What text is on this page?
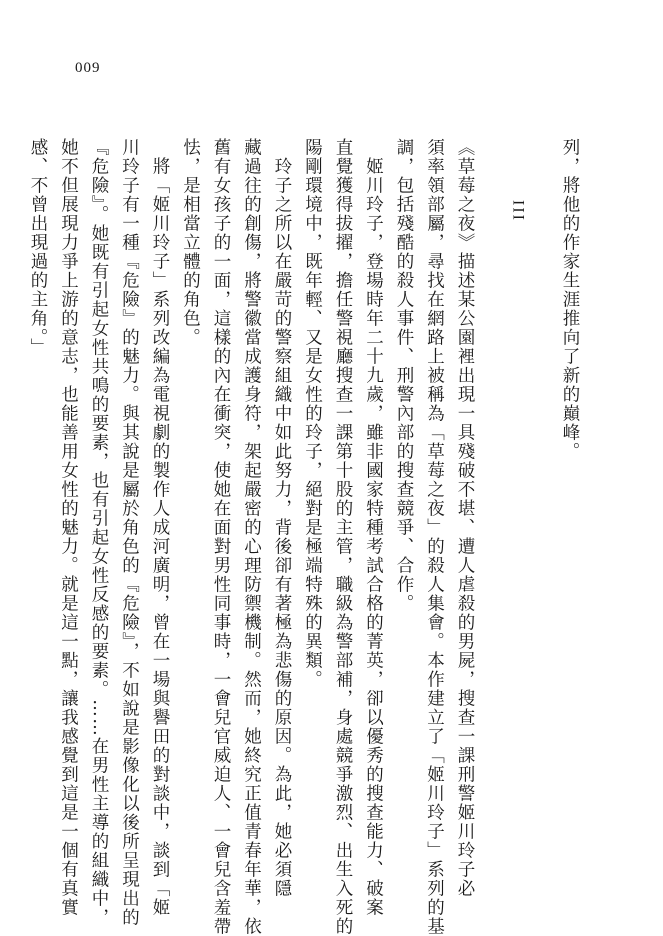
009
列，將他的作家生涯推向了新的巔峰。
III
《草莓之夜》描述某公園裡出現一具殘破不堪、遭人虐殺的男屍，搜查一課刑警姬川玲子必
須率領部屬，尋找在網路上被稱為「草莓之夜」的殺人集會。本作建立了「姬川玲子」系列的基
調，包括殘酷的殺人事件、刑警內部的搜查競爭、合作。
　姬川玲子，登場時年二十九歲，雖非國家特種考試合格的菁英，卻以優秀的搜查能力、破案
直覺獲得拔擢，擔任警視廳搜查一課第十股的主管，職級為警部補，身處競爭激烈、出生入死的
陽剛環境中，既年輕、又是女性的玲子，絕對是極端特殊的異類。
　玲子之所以在嚴苛的警察組織中如此努力，背後卻有著極為悲傷的原因。為此，她必須隱
藏過往的創傷，將警徽當成護身符，架起嚴密的心理防禦機制。然而，她終究正值青春年華，依
舊有女孩子的一面，這樣的內在衝突，使她在面對男性同事時，一會兒官威迫人、一會兒含羞帶
怯，是相當立體的角色。
　將「姬川玲子」系列改編為電視劇的製作人成河廣明，曾在一場與譽田的對談中，談到「姬
川玲子有一種『危險』的魅力。與其說是屬於角色的『危險』，不如說是影像化以後所呈現出的
『危險』。她既有引起女性共鳴的要素，也有引起女性反感的要素。……在男性主導的組織中，
她不但展現力爭上游的意志，也能善用女性的魅力。就是這一點，讓我感覺到這是一個有真實
感、不曾出現過的主角。」
